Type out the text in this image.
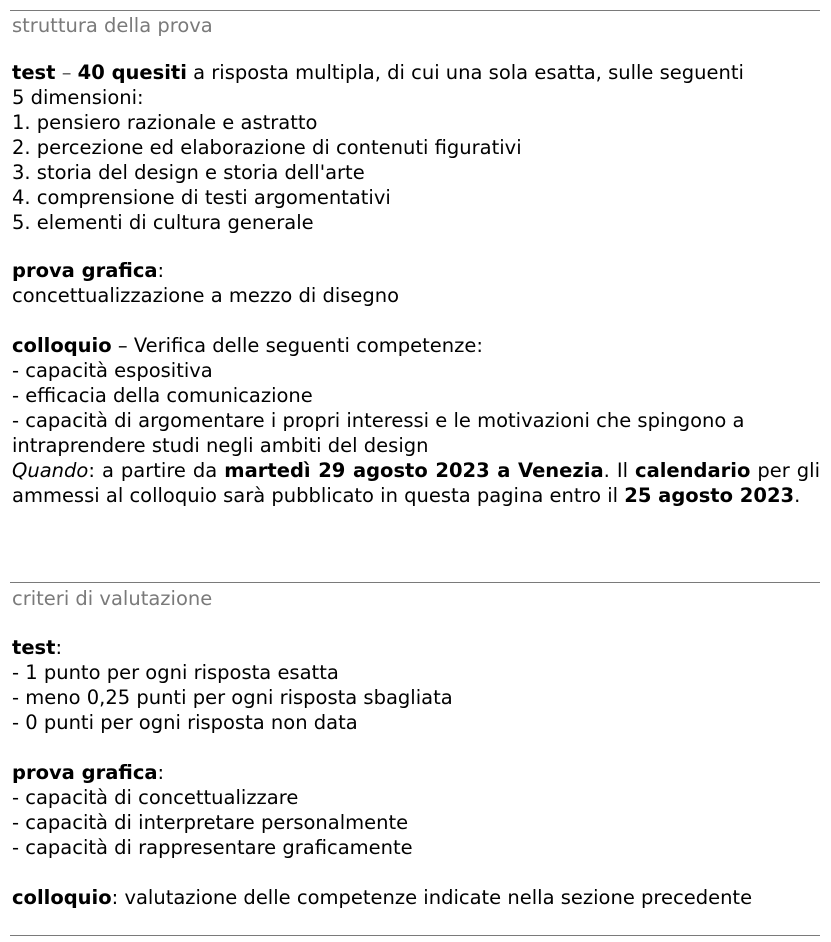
struttura della prova
test – 40 quesiti a risposta multipla, di cui una sola esatta, sulle seguenti
5 dimensioni:
1. pensiero razionale e astratto
2. percezione ed elaborazione di contenuti figurativi
3. storia del design e storia dell'arte
4. comprensione di testi argomentativi
5. elementi di cultura generale
prova grafica:
concettualizzazione a mezzo di disegno
colloquio – Verifica delle seguenti competenze:
- capacità espositiva
- efficacia della comunicazione
- capacità di argomentare i propri interessi e le motivazioni che spingono a
intraprendere studi negli ambiti del design
Quando: a partire da martedì 29 agosto 2023 a Venezia. Il calendario per gli ammessi al colloquio sarà pubblicato in questa pagina entro il 25 agosto 2023.
criteri di valutazione
test:
- 1 punto per ogni risposta esatta
- meno 0,25 punti per ogni risposta sbagliata
- 0 punti per ogni risposta non data
prova grafica:
- capacità di concettualizzare
- capacità di interpretare personalmente
- capacità di rappresentare graficamente
colloquio: valutazione delle competenze indicate nella sezione precedente
